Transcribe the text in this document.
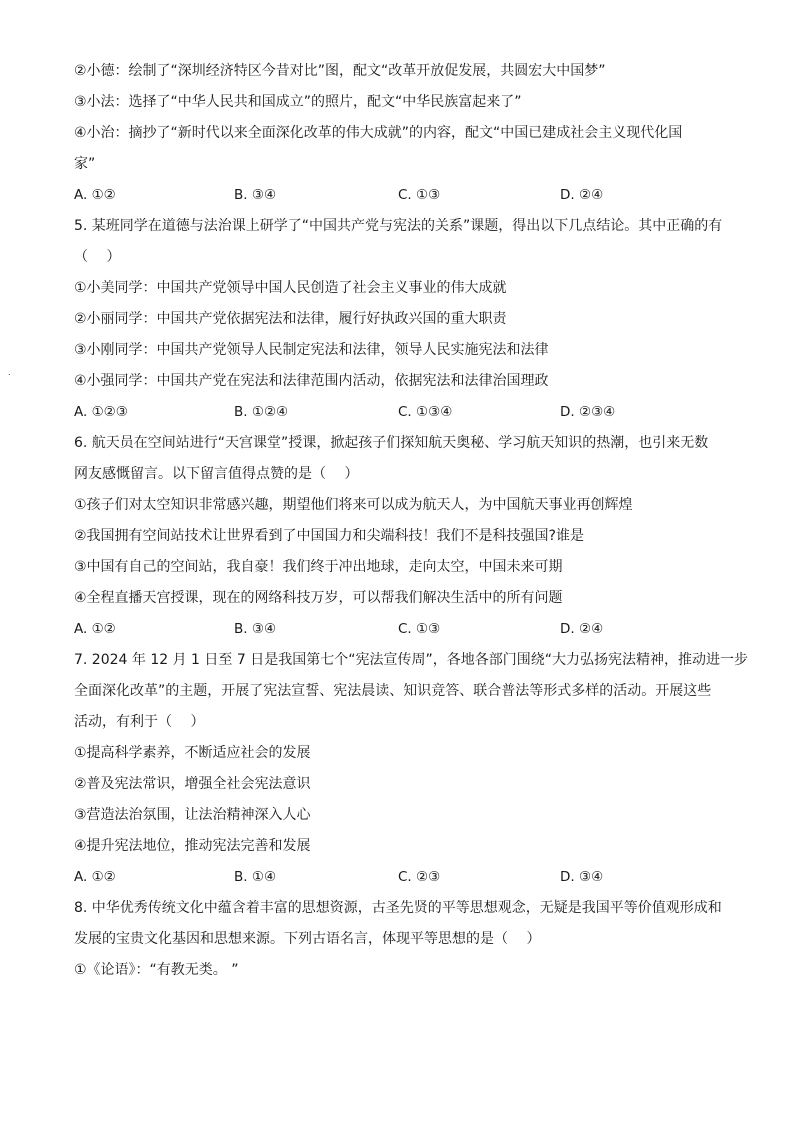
②小德：绘制了“深圳经济特区今昔对比”图，配文“改革开放促发展，共圆宏大中国梦”
③小法：选择了“中华人民共和国成立”的照片，配文“中华民族富起来了”
④小治：摘抄了“新时代以来全面深化改革的伟大成就”的内容，配文“中国已建成社会主义现代化国
家”
A. ①②	B. ③④	C. ①③	D. ②④
5. 某班同学在道德与法治课上研学了“中国共产党与宪法的关系”课题，得出以下几点结论。其中正确的有
（　 ）
①小美同学：中国共产党领导中国人民创造了社会主义事业的伟大成就
②小丽同学：中国共产党依据宪法和法律，履行好执政兴国的重大职责
③小刚同学：中国共产党领导人民制定宪法和法律，领导人民实施宪法和法律
④小强同学：中国共产党在宪法和法律范围内活动，依据宪法和法律治国理政
A. ①②③	B. ①②④	C. ①③④	D. ②③④
6. 航天员在空间站进行“天宫课堂”授课，掀起孩子们探知航天奥秘、学习航天知识的热潮，也引来无数
网友感慨留言。以下留言值得点赞的是（　 ）
①孩子们对太空知识非常感兴趣，期望他们将来可以成为航天人，为中国航天事业再创辉煌
②我国拥有空间站技术让世界看到了中国国力和尖端科技！我们不是科技强国?谁是
③中国有自己的空间站，我自豪！我们终于冲出地球，走向太空，中国未来可期
④全程直播天宫授课，现在的网络科技万岁，可以帮我们解决生活中的所有问题
A. ①②	B. ③④	C. ①③	D. ②④
7. 2024 年 12 月 1 日至 7 日是我国第七个“宪法宣传周”，各地各部门围绕“大力弘扬宪法精神，推动进一步
全面深化改革”的主题，开展了宪法宣誓、宪法晨读、知识竞答、联合普法等形式多样的活动。开展这些
活动，有利于（　 ）
①提高科学素养，不断适应社会的发展
②普及宪法常识，增强全社会宪法意识
③营造法治氛围，让法治精神深入人心
④提升宪法地位，推动宪法完善和发展
A. ①②	B. ①④	C. ②③	D. ③④
8. 中华优秀传统文化中蕴含着丰富的思想资源，古圣先贤的平等思想观念，无疑是我国平等价值观形成和
发展的宝贵文化基因和思想来源。下列古语名言，体现平等思想的是（　 ）
①《论语》：“有教无类。 ”
.
